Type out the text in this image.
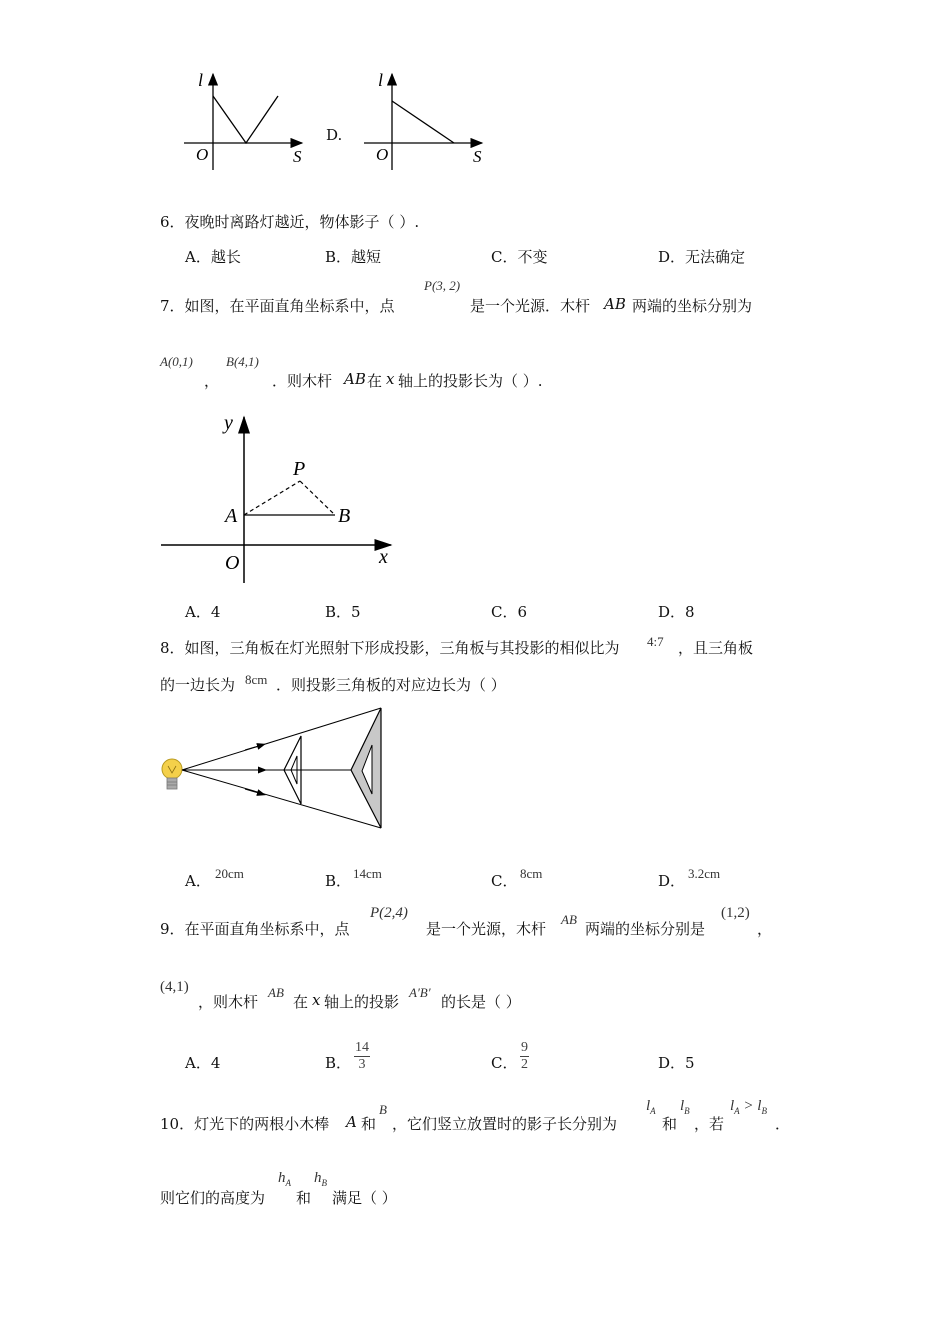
l
O	S
D.
l
O	S
6．夜晚时离路灯越近，物体影子（ ）.
A．越长	B．越短	C．不变	D．无法确定
7．如图，在平面直角坐标系中，点
P(3, 2)
是一个光源．木杆 AB 两端的坐标分别为
A(0,1)
，
B(4,1)
．则木杆 AB 在 x 轴上的投影长为（ ）.
y
x
O
A	B
P
A．4	B．5	C．6	D．8
8．如图，三角板在灯光照射下形成投影，三角板与其投影的相似比为 4:7 ，且三角板
的一边长为 8cm ．则投影三角板的对应边长为（ ）
A． 20cm	B． 14cm	C． 8cm	D． 3.2cm
9．在平面直角坐标系中，点
P(2,4)
是一个光源，木杆
AB
两端的坐标分别是
(1,2)
，
(4,1)
，则木杆
AB
在 x 轴上的投影
A′B′
的长是（ ）
A．4	B． $\frac{14}{3}$	C． $\frac{9}{2}$	D．5
10．灯光下的两根小木棒 A 和
B
，它们竖立放置时的影子长分别为
$l_A$
和
$l_B$
，若
$l_A > l_B$
．
则它们的高度为
$h_A$
和
$h_B$
满足（ ）
